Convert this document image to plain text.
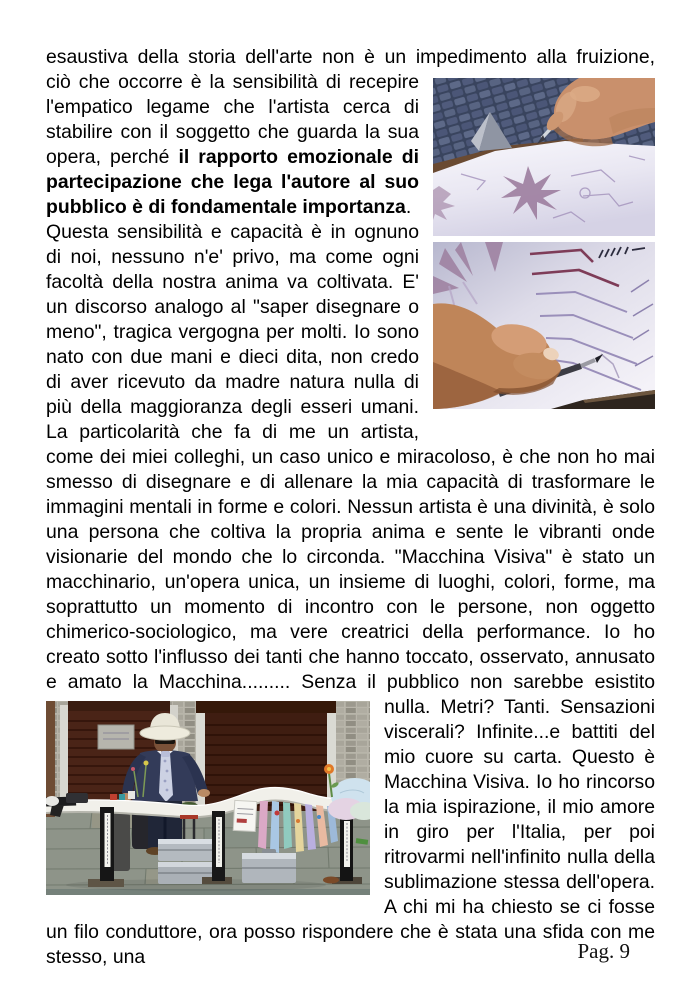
esaustiva della storia dell'arte non è un impedimento alla fruizione,

ciò che occorre è la sensibilità di recepire l'empatico legame che l'artista cerca di stabilire con il soggetto che guarda la sua opera, perché il rapporto emozionale di partecipazione che lega l'autore al suo pubblico è di fondamentale importanza.

Questa sensibilità e capacità è in ognuno di noi, nessuno n'e' privo, ma come ogni facoltà della nostra anima va coltivata. E' un discorso analogo al "saper disegnare o meno", tragica vergogna per molti. Io sono nato con due mani e dieci dita, non credo di aver ricevuto da madre natura nulla di più della maggioranza degli esseri umani. La particolarità che fa di me un artista, come dei miei colleghi, un caso unico e miracoloso, è che non ho mai smesso di disegnare e di allenare la mia capacità di trasformare le immagini mentali in forme e colori. Nessun artista è una divinità, è solo una persona che coltiva la propria anima e sente le vibranti onde visionarie del mondo che lo circonda. "Macchina Visiva" è stato un macchinario, un'opera unica, un insieme di luoghi, colori, forme, ma soprattutto un momento di incontro con le persone, non oggetto chimerico-sociologico, ma vere creatrici della performance. Io ho creato sotto l'influsso dei tanti che hanno toccato, osservato, annusato e amato la Macchina......... Senza il pubblico non sarebbe
esistito nulla. Metri? Tanti. Sensazioni viscerali? Infinite...e battiti del mio cuore su carta. Questo è Macchina Visiva. Io ho rincorso la mia ispirazione, il mio amore in giro per l'Italia, per poi ritrovarmi nell'infinito nulla della sublimazione stessa dell'opera. A chi mi ha chiesto se ci fosse un filo conduttore, ora posso rispondere che è stata una sfida con me stesso, una	Pag. 9
